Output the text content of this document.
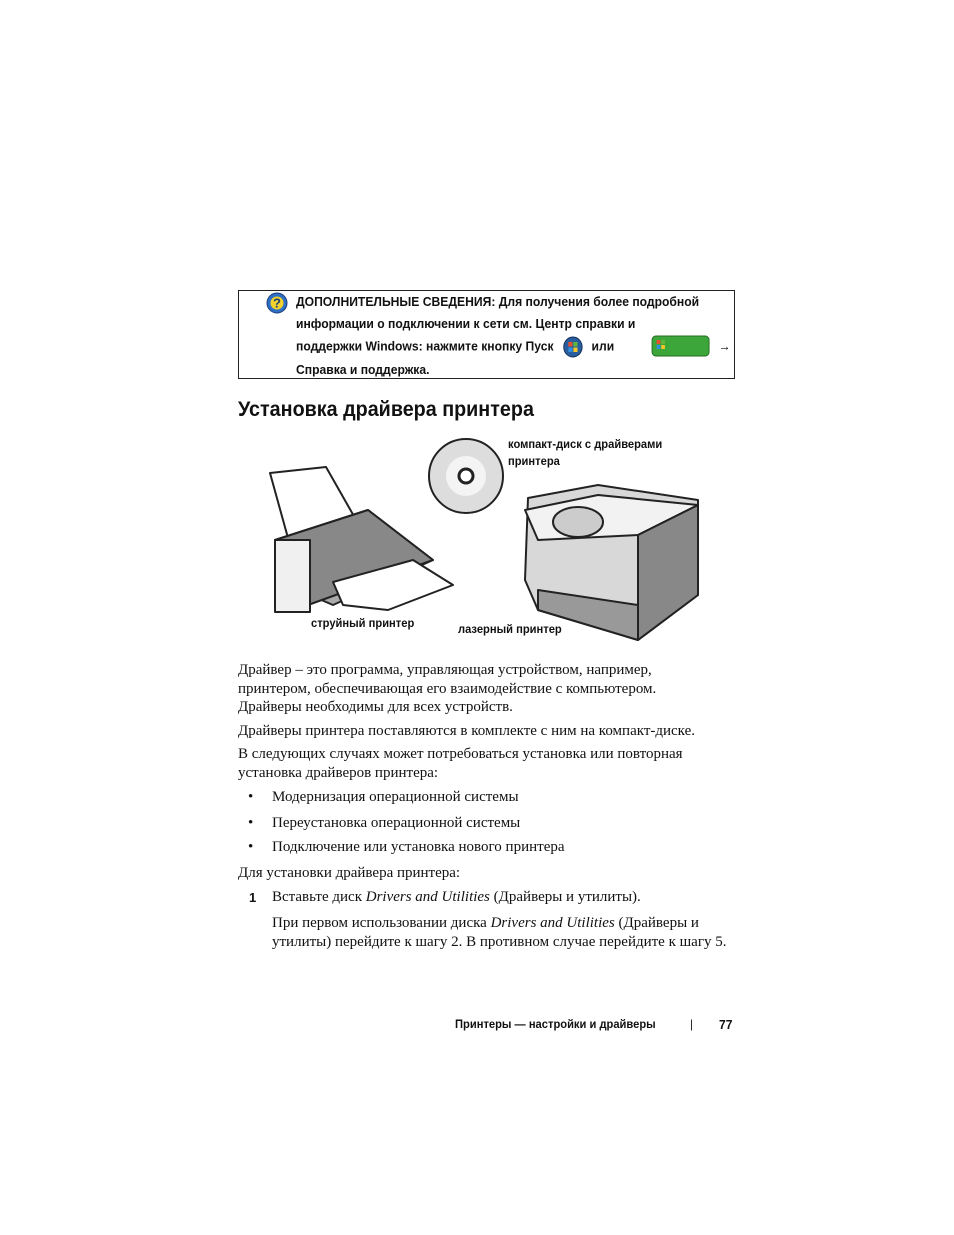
? ДОПОЛНИТЕЛЬНЫЕ СВЕДЕНИЯ: Для получения более подробной
информации о подключении к сети см. Центр справки и
поддержки Windows: нажмите кнопку Пуск	или	→
Справка и поддержка.
Установка драйвера принтера
компакт-диск с драйверами
принтера
струйный принтер	лазерный принтер
Драйвер – это программа, управляющая устройством, например,
принтером, обеспечивающая его взаимодействие с компьютером.
Драйверы необходимы для всех устройств.
Драйверы принтера поставляются в комплекте с ним на компакт-диске.
В следующих случаях может потребоваться установка или повторная
установка драйверов принтера:
• Модернизация операционной системы
• Переустановка операционной системы
• Подключение или установка нового принтера
Для установки драйвера принтера:
1 Вставьте диск Drivers and Utilities (Драйверы и утилиты).
При первом использовании диска Drivers and Utilities (Драйверы и
утилиты) перейдите к шагу 2. В противном случае перейдите к шагу 5.
Принтеры — настройки и драйверы	| 77
